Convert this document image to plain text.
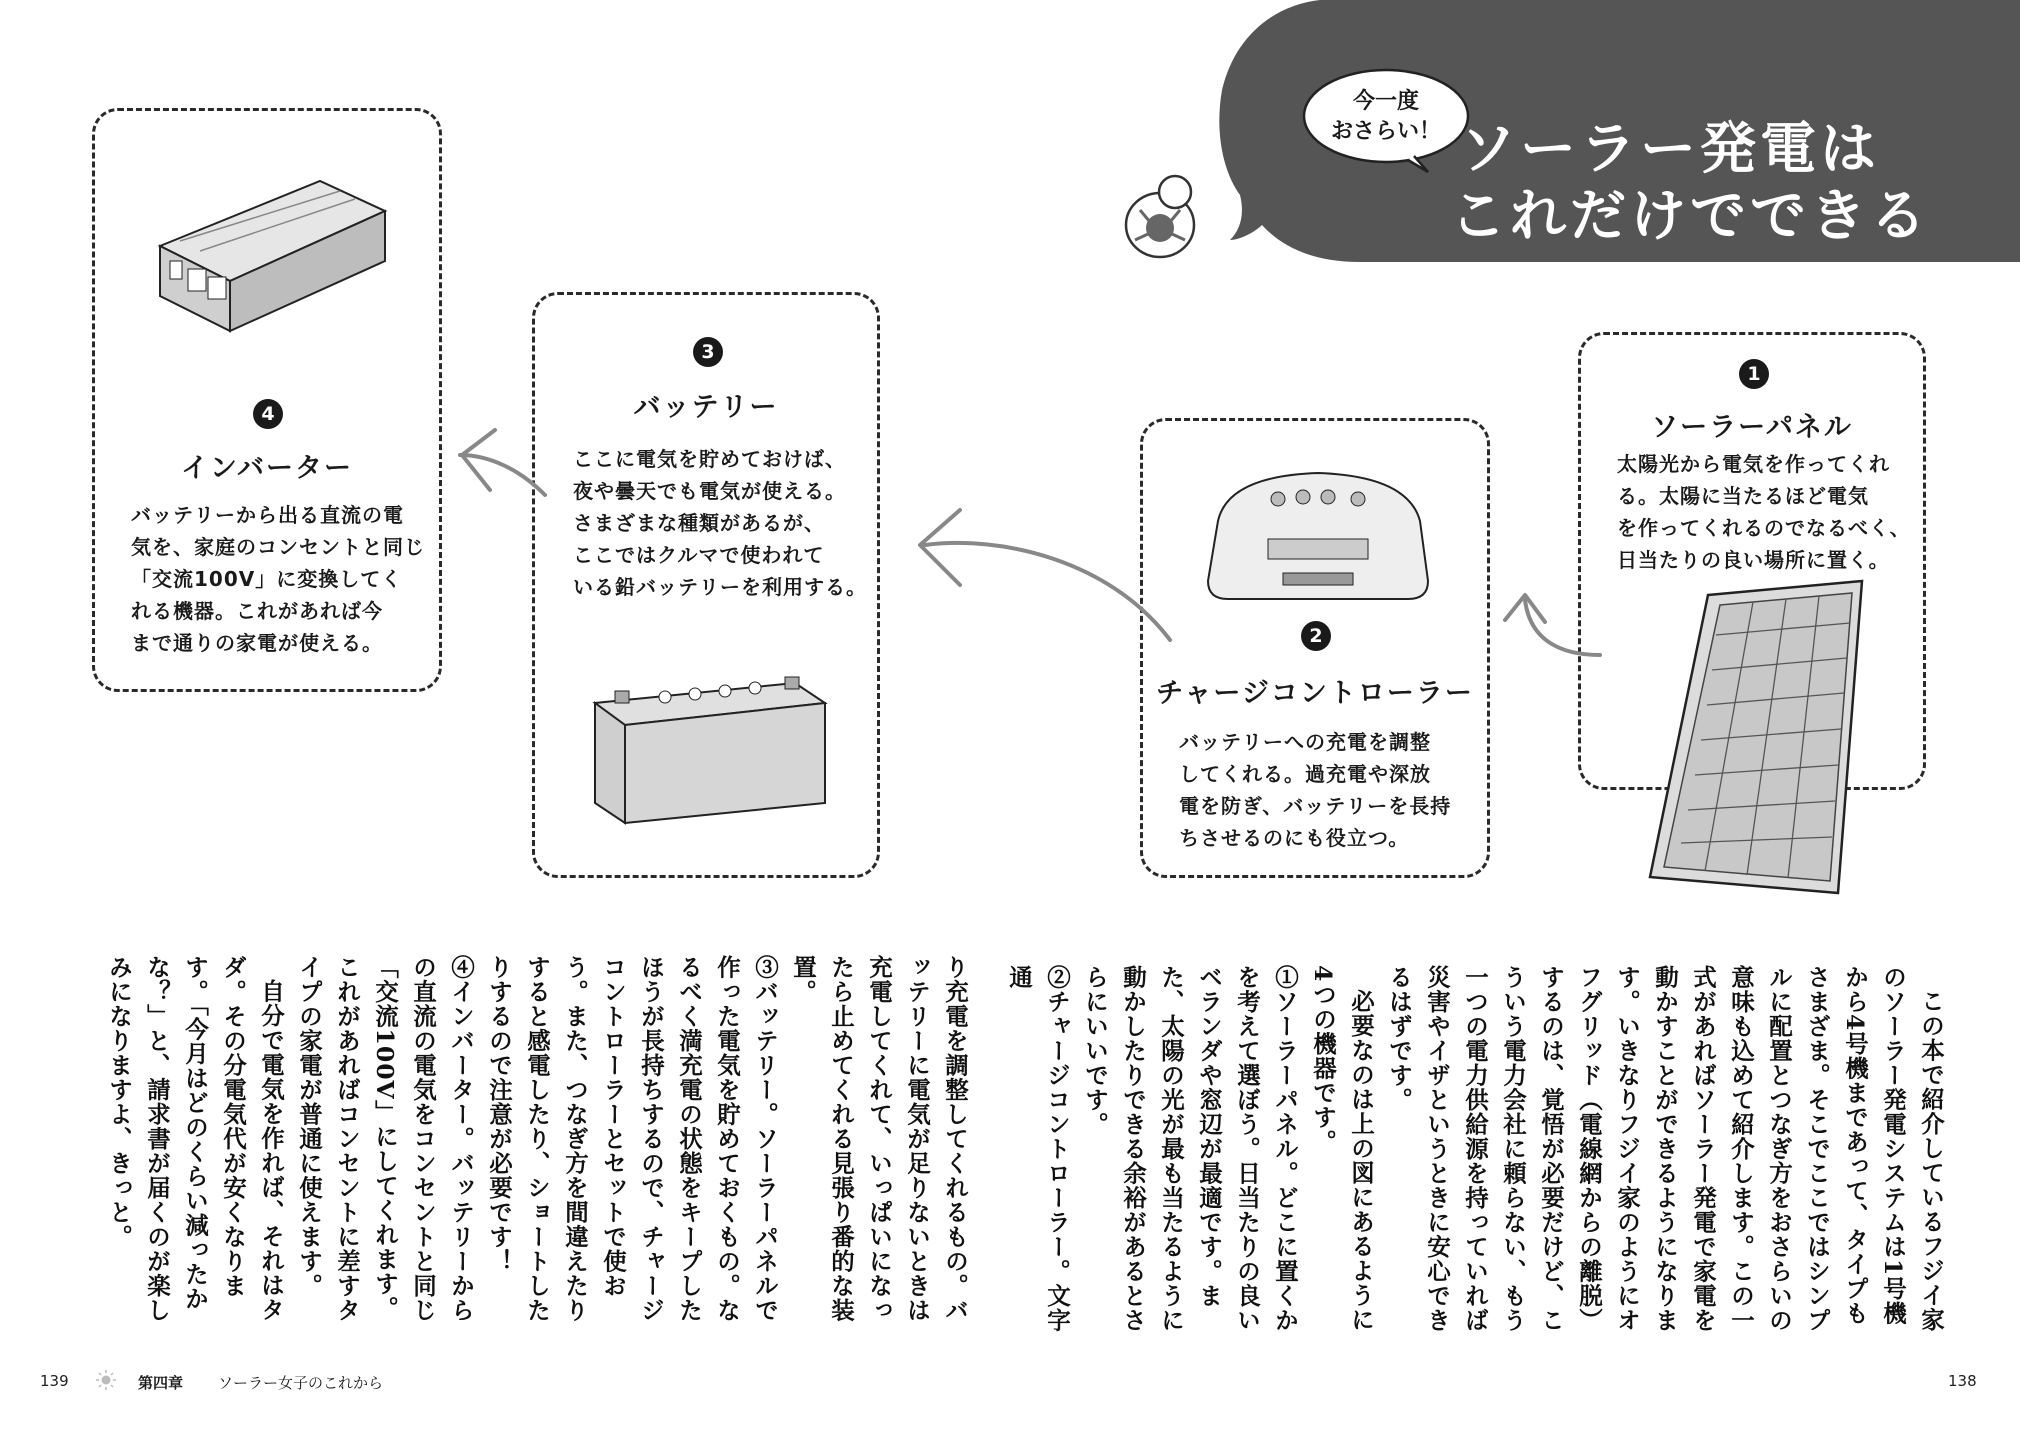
今一度
おさらい！ ソーラー発電は
これだけでできる
4
インバーター
バッテリーから出る直流の電
気を、家庭のコンセントと同じ
「交流100V」に変換してく
れる機器。これがあれば今
まで通りの家電が使える。
3
バッテリー
ここに電気を貯めておけば、
夜や曇天でも電気が使える。
さまざまな種類があるが、
ここではクルマで使われて
いる鉛バッテリーを利用する。
2
チャージコントローラー
バッテリーへの充電を調整
してくれる。過充電や深放
電を防ぎ、バッテリーを長持
ちさせるのにも役立つ。
1
ソーラーパネル
太陽光から電気を作ってくれ
る。太陽に当たるほど電気
を作ってくれるのでなるべく、
日当たりの良い場所に置く。

この本で紹介しているフジイ家のソーラー発電システムは1号機から4号機まであって、タイプもさまざま。そこでここではシンプルに配置とつなぎ方をおさらいの意味も込めて紹介します。この一式があればソーラー発電で家電を動かすことができるようになります。いきなりフジイ家のようにオフグリッド（電線網からの離脱）するのは、覚悟が必要だけど、こういう電力会社に頼らない、もう一つの電力供給源を持っていれば災害やイザというときに安心できるはずです。

必要なのは上の図にあるように4つの機器です。

①ソーラーパネル。どこに置くかを考えて選ぼう。日当たりの良いベランダや窓辺が最適です。また、太陽の光が最も当たるように動かしたりできる余裕があるとさらにいいです。

②チャージコントローラー。文字通

り充電を調整してくれるもの。バッテリーに電気が足りないときは充電してくれて、いっぱいになったら止めてくれる見張り番的な装置。

③バッテリー。ソーラーパネルで作った電気を貯めておくもの。なるべく満充電の状態をキープしたほうが長持ちするので、チャージコントローラーとセットで使おう。また、つなぎ方を間違えたりすると感電したり、ショートしたりするので注意が必要です！

④インバーター。バッテリーからの直流の電気をコンセントと同じ「交流100V」にしてくれます。これがあればコンセントに差すタイプの家電が普通に使えます。

自分で電気を作れば、それはタダ。その分電気代が安くなります。「今月はどのくらい減ったかな？」と、請求書が届くのが楽しみになりますよ、きっと。

139	第四章 ソーラー女子のこれから	138
